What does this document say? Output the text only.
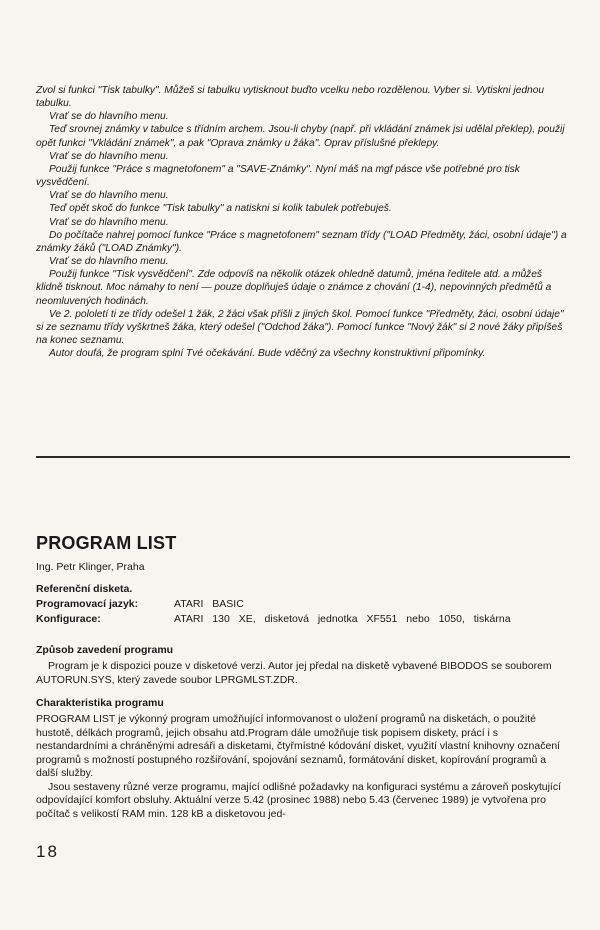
Zvol si funkci "Tisk tabulky". Můžeš si tabulku vytisknout buďto vcelku nebo rozdělenou. Vyber si. Vytiskni jednou tabulku.

Vrať se do hlavního menu.

Teď srovnej známky v tabulce s třídním archem. Jsou-li chyby (např. při vkládání známek jsi udělal překlep), použij opět funkci "Vkládání známek", a pak "Oprava známky u žáka". Oprav příslušné překlepy.

Vrať se do hlavního menu.

Použij funkce "Práce s magnetofonem" a "SAVE-Známky". Nyní máš na mgf pásce vše potřebné pro tisk vysvědčení.

Vrať se do hlavního menu.

Teď opět skoč do funkce "Tisk tabulky" a natiskni si kolik tabulek potřebuješ.

Vrať se do hlavního menu.

Do počítače nahrej pomocí funkce "Práce s magnetofonem" seznam třídy ("LOAD Předměty, žáci, osobní údaje") a známky žáků ("LOAD Známky").

Vrať se do hlavního menu.

Použij funkce "Tisk vysvědčení". Zde odpovíš na několik otázek ohledně datumů, jména ředitele atd. a můžeš klidně tisknout. Moc námahy to není — pouze doplňuješ údaje o známce z chování (1-4), nepovinných předmětů a neomluvených hodinách.

Ve 2. pololetí ti ze třídy odešel 1 žák, 2 žáci však přišli z jiných škol. Pomocí funkce "Předměty, žáci, osobní údaje" si ze seznamu třídy vyškrtneš žáka, který odešel ("Odchod žáka"). Pomocí funkce "Nový žák" si 2 nové žáky připíšeš na konec seznamu.

Autor doufá, že program splní Tvé očekávání. Bude vděčný za všechny konstruktivní připomínky.

PROGRAM LIST

Ing. Petr Klinger, Praha

Referenční disketa.

Programovací jazyk:	ATARI BASIC

Konfigurace:	ATARI 130 XE, disketová jednotka XF551 nebo 1050, tiskárna

Způsob zavedení programu

Program je k dispozici pouze v disketové verzi. Autor jej předal na disketě vybavené BIBODOS se souborem AUTORUN.SYS, který zavede soubor LPRGMLST.ZDR.

Charakteristika programu

PROGRAM LIST je výkonný program umožňující informovanost o uložení programů na disketách, o použité hustotě, délkách programů, jejich obsahu atd.Program dále umožňuje tisk popisem diskety, prácí i s nestandardními a chráněnými adresáři a disketami, čtyřmístné kódování disket, využití vlastní knihovny označení programů s možností postupného rozšiřování, spojování seznamů, formátování disket, kopírování programů a další služby.

Jsou sestaveny různé verze programu, mající odlišné požadavky na konfiguraci systému a zároveň poskytující odpovídající komfort obsluhy. Aktuální verze 5.42 (prosinec 1988) nebo 5.43 (červenec 1989) je vytvořena pro počítač s velikostí RAM min. 128 kB a disketovou jed-

18
